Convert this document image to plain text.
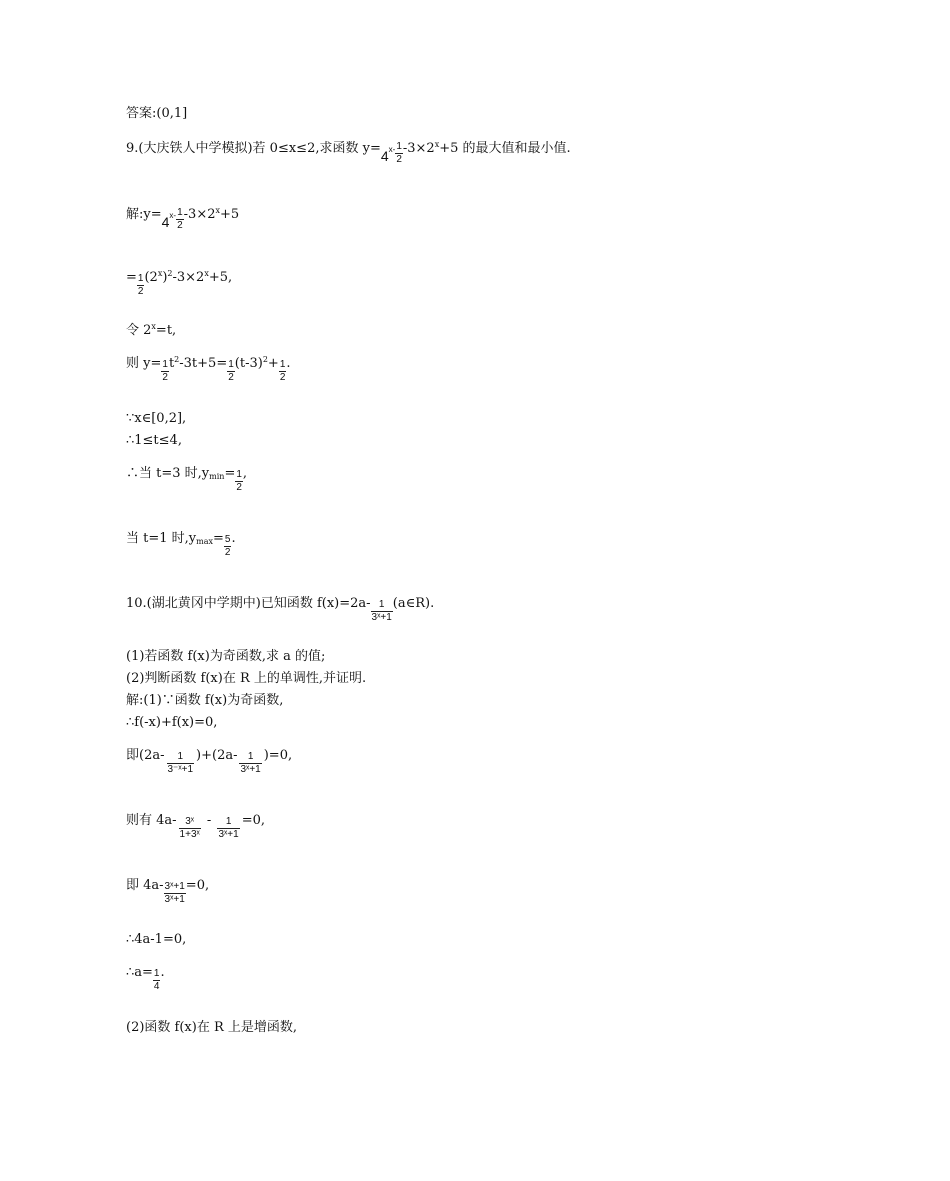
答案:(0,1]
9.(大庆铁人中学模拟)若 0≤x≤2,求函数 $y=4x- \frac{1}{2} -3\times 2^x+5$ 的最大值和最小值.
解:y=4x- $\frac{1}{2} -3\times 2^x+5$
= $\frac{1}{2} (2^x)^2-3\times 2^x+5$,
令 $2^x=t$,
则 $y= \frac{1}{2} t^2-3t+5= \frac{1}{2} (t-3)^2+ \frac{1}{2}$ .
∵x∈[0,2],
∴1≤t≤4,
∴当 t=3 时$,ymin= \frac{1}{2}$ ,
当 t=1 时$,ymax= \frac{5}{2}$ .
10.(湖北黄冈中学期中)已知函数 $f(x)=2a- \frac{1}{\text{3ˣ+1}}$ (a∈R).
(1)若函数 f(x)为奇函数,求 a 的值;
(2)判断函数 f(x)在 R 上的单调性,并证明.
解:(1)∵函数 f(x)为奇函数,
∴f(-x)+f(x)=0,
即$(2a- \frac{1}{\text{3⁻ˣ+1}} )+(2a- \frac{1}{\text{3ˣ+1}} )=0$,
则有 $4a- \frac{\text{3ˣ}}{\text{1+3ˣ}} - \frac{1}{\text{3ˣ+1}} =0$,
即 $4a- \frac{\text{3ˣ+1}}{\text{3ˣ+1}} =0$,
∴4a-1=0,
∴a= $\frac{1}{4}$ .
(2)函数 f(x)在 R 上是增函数,
